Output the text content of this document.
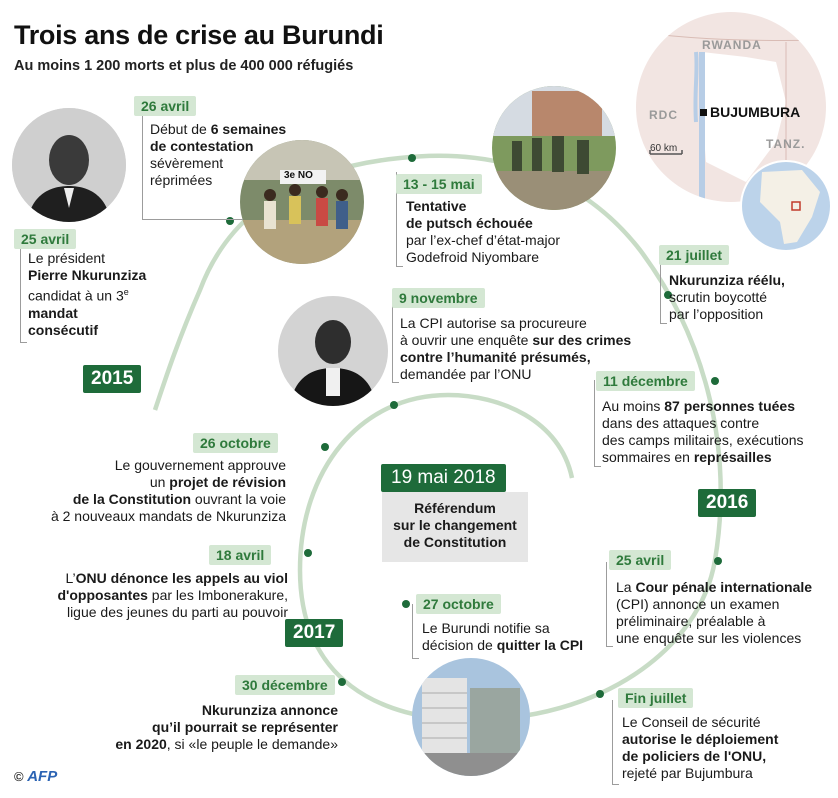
Trois ans de crise au Burundi
Au moins 1 200 morts et plus de 400 000 réfugiés
3e NO
RWANDA
RDC
TANZ.
BUJUMBURA
60 km
2015
2016
2017
19 mai 2018
Référendum
sur le changement
de Constitution
25 avril
Le président
Pierre Nkurunziza
candidat à un 3e
mandat
consécutif
26 avril
Début de 6 semaines
de contestation
sévèrement
réprimées	13 - 15 mai
Tentative
de putsch échouée
par l’ex-chef d’état-major
Godefroid Niyombare	21 juillet
Nkurunziza réélu,
scrutin boycotté
par l’opposition
9 novembre
La CPI autorise sa procureure
à ouvrir une enquête sur des crimes
contre l’humanité présumés,
demandée par l’ONU	11 décembre
Au moins 87 personnes tuées
dans des attaques contre
des camps militaires, exécutions
sommaires en représailles
26 octobre
Le gouvernement approuve
un projet de révision
de la Constitution ouvrant la voie
à 2 nouveaux mandats de Nkurunziza
25 avril
La Cour pénale internationale
(CPI) annonce un examen
préliminaire, préalable à
une enquête sur les violences
18 avril
L’ONU dénonce les appels au viol
d'opposantes par les Imbonerakure,
ligue des jeunes du parti au pouvoir	27 octobre
Le Burundi notifie sa
décision de quitter la CPI
30 décembre
Nkurunziza annonce
qu’il pourrait se représenter
en 2020, si «le peuple le demande»
Fin juillet
Le Conseil de sécurité
autorise le déploiement
de policiers de l'ONU,
rejeté par Bujumbura
© AFP
